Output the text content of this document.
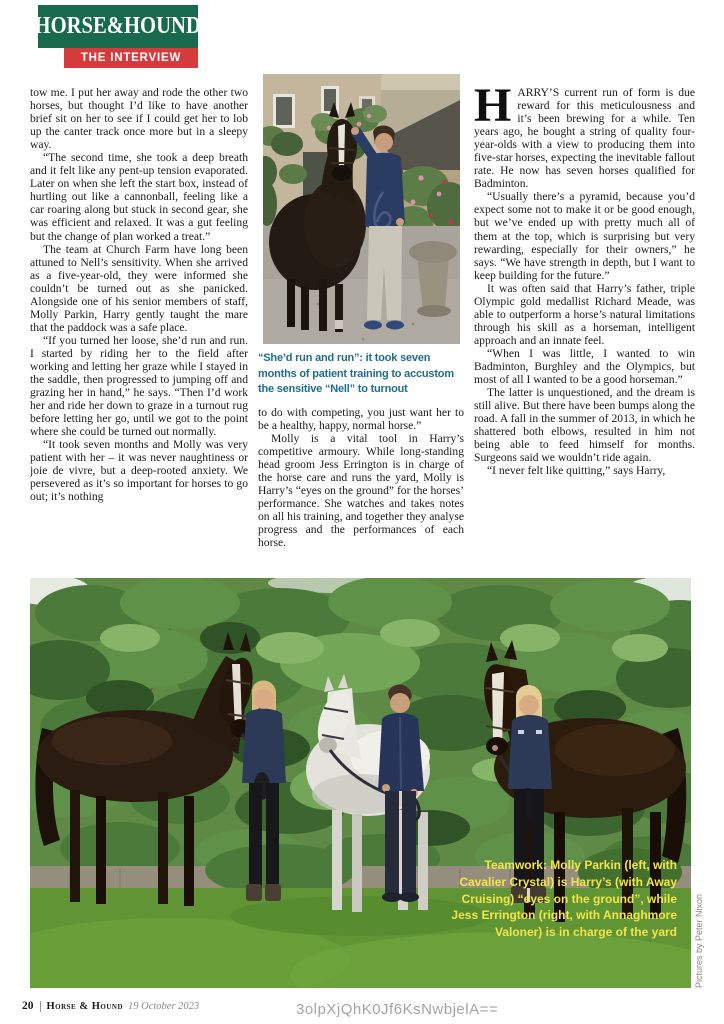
HORSE&HOUND
THE INTERVIEW

tow me. I put her away and rode the other two horses, but thought I’d like to have another brief sit on her to see if I could get her to lob up the canter track once more but in a sleepy way.

“The second time, she took a deep breath and it felt like any pent-up tension evaporated. Later on when she left the start box, instead of hurtling out like a cannonball, feeling like a car roaring along but stuck in second gear, she was efficient and relaxed. It was a gut feeling but the change of plan worked a treat.”

The team at Church Farm have long been attuned to Nell’s sensitivity. When she arrived as a five-year-old, they were informed she couldn’t be turned out as she panicked. Alongside one of his senior members of staff, Molly Parkin, Harry gently taught the mare that the paddock was a safe place.

“If you turned her loose, she’d run and run. I started by riding her to the field after working and letting her graze while I stayed in the saddle, then progressed to jumping off and grazing her in hand,” he says. “Then I’d work her and ride her down to graze in a turnout rug before letting her go, until we got to the point where she could be turned out normally.

“It took seven months and Molly was very patient with her – it was never naughtiness or joie de vivre, but a deep-rooted anxiety. We persevered as it’s so important for horses to go out; it’s nothing

“She’d run and run”: it took seven months of patient training to accustom the sensitive “Nell” to turnout

to do with competing, you just want her to be a healthy, happy, normal horse.”

Molly is a vital tool in Harry’s competitive armoury. While long-standing head groom Jess Errington is in charge of the horse care and runs the yard, Molly is Harry’s “eyes on the ground” for the horses’ performance. She watches and takes notes on all his training, and together they analyse progress and the performances of each horse.

HARRY’S current run of form is due reward for this meticulousness and it’s been brewing for a while. Ten years ago, he bought a string of quality four-year-olds with a view to producing them into five-star horses, expecting the inevitable fallout rate. He now has seven horses qualified for Badminton.

“Usually there’s a pyramid, because you’d expect some not to make it or be good enough, but we’ve ended up with pretty much all of them at the top, which is surprising but very rewarding, especially for their owners,” he says. “We have strength in depth, but I want to keep building for the future.”

It was often said that Harry’s father, triple Olympic gold medallist Richard Meade, was able to outperform a horse’s natural limitations through his skill as a horseman, intelligent approach and an innate feel.

“When I was little, I wanted to win Badminton, Burghley and the Olympics, but most of all I wanted to be a good horseman.”

The latter is unquestioned, and the dream is still alive. But there have been bumps along the road. A fall in the summer of 2013, in which he shattered both elbows, resulted in him not being able to feed himself for months. Surgeons said we wouldn’t ride again.

“I never felt like quitting,” says Harry,

Teamwork: Molly Parkin (left, with Cavalier Crystal) is Harry’s (with Away Cruising) “eyes on the ground”, while Jess Errington (right, with Annaghmore Valoner) is in charge of the yard Pictures by Peter Nixon
20 Horse & Hound 19 October 2023	3olpXjQhK0Jf6KsNwbjelA==
